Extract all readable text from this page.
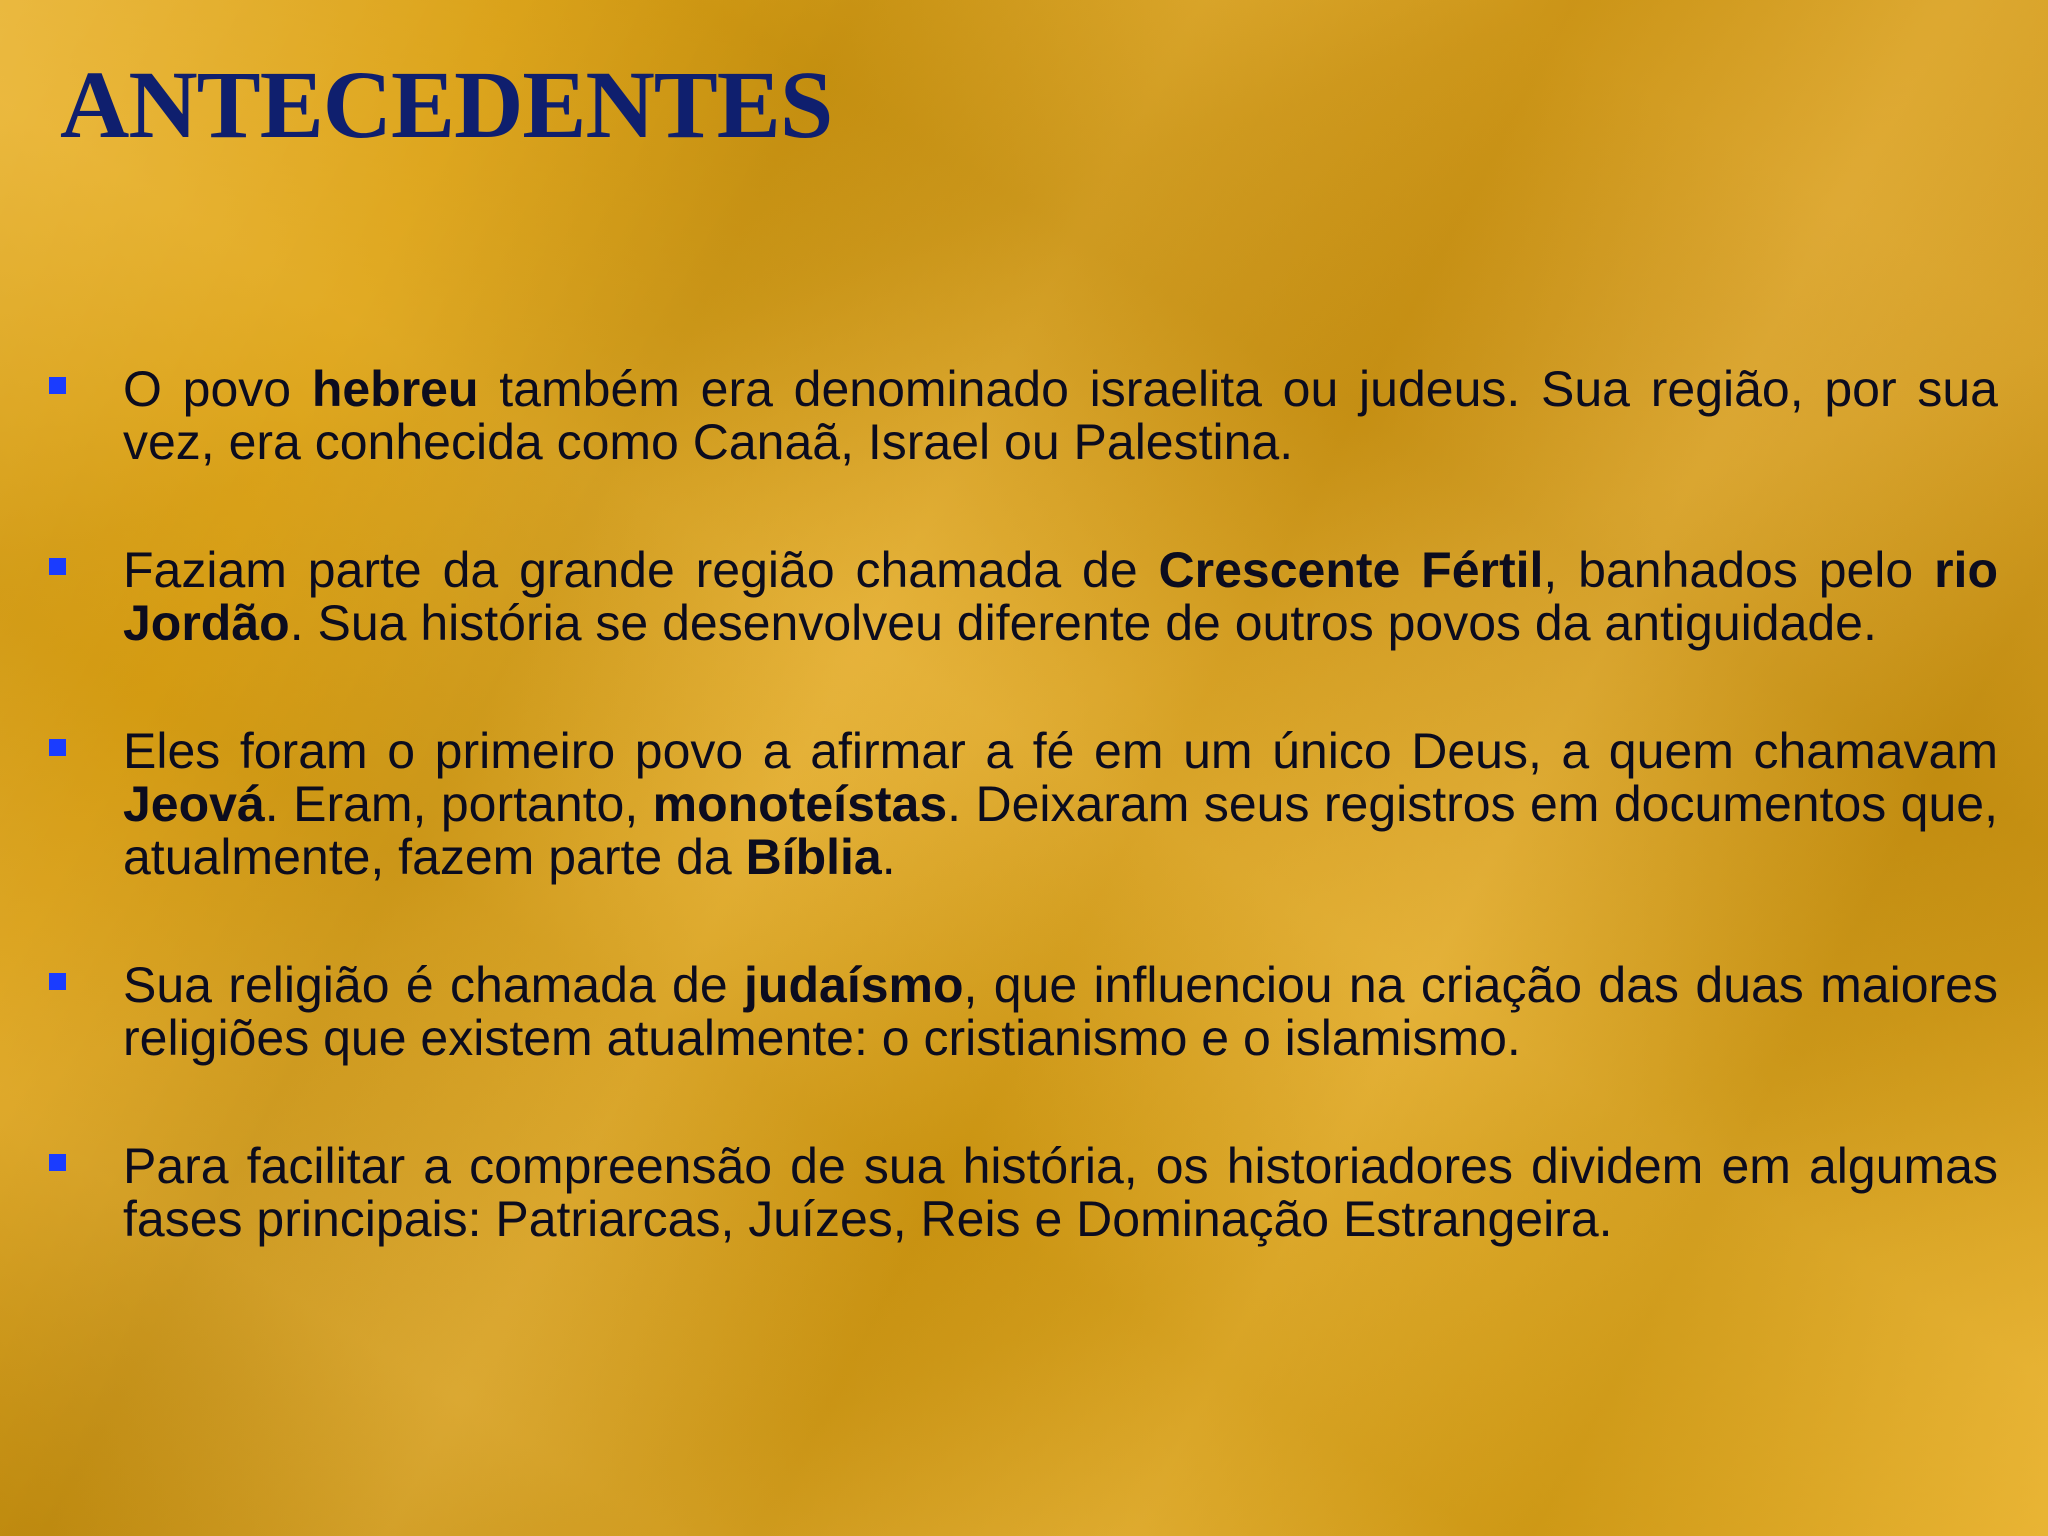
ANTECEDENTES
O povo hebreu também era denominado israelita ou judeus. Sua região, por sua vez, era conhecida como Canaã, Israel ou Palestina.
Faziam parte da grande região chamada de Crescente Fértil, banhados pelo rio Jordão. Sua história se desenvolveu diferente de outros povos da antiguidade.
Eles foram o primeiro povo a afirmar a fé em um único Deus, a quem chamavam Jeová. Eram, portanto, monoteístas. Deixaram seus registros em documentos que, atualmente, fazem parte da Bíblia.
Sua religião é chamada de judaísmo, que influenciou na criação das duas maiores religiões que existem atualmente: o cristianismo e o islamismo.
Para facilitar a compreensão de sua história, os historiadores dividem em algumas fases principais: Patriarcas, Juízes, Reis e Dominação Estrangeira.
